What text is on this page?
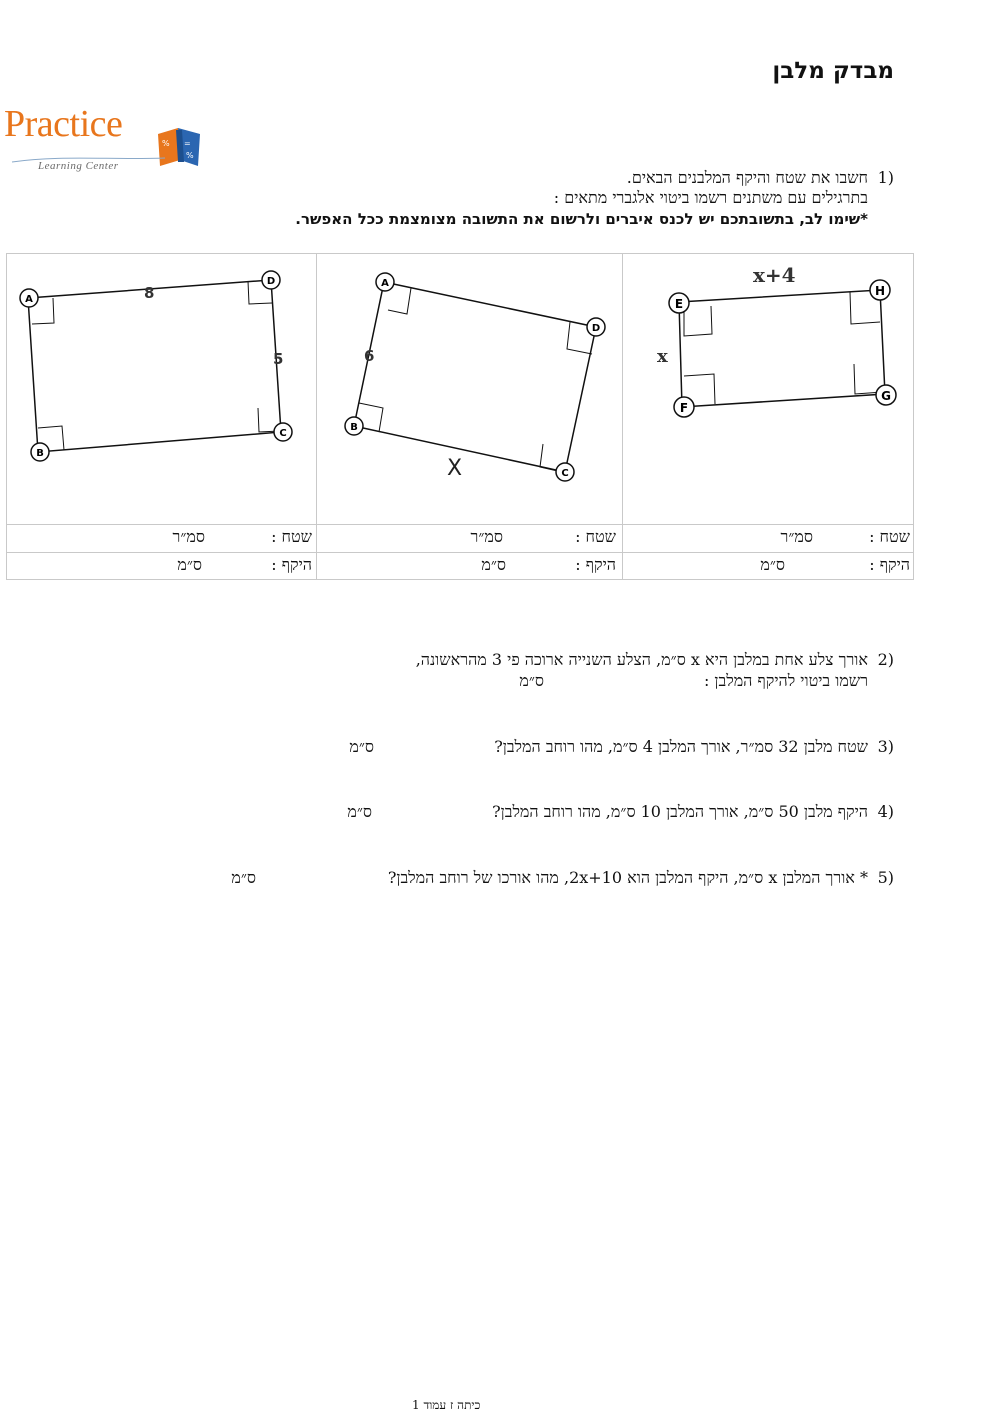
מבדק מלבן
% =
%
Practice
Learning Center
1)
חשבו את שטח והיקף המלבנים הבאים.
בתרגילים עם משתנים רשמו ביטוי אלגברי מתאים :
*שימו לב, בתשובתכם יש לכנס איברים ולרשום את התשובה מצומצמת ככל האפשר.
E
H
G
F
x+4
x
A
D
C
B
6
X
A
D
C
B
8
5
שטח :
סמ״ר
היקף :
ס״מ
שטח :
סמ״ר
היקף :
ס״מ
שטח :
סמ״ר
היקף :
ס״מ
2)
אורך צלע אחת במלבן היא x ס״מ, הצלע השנייה ארוכה פי 3 מהראשונה,
רשמו ביטוי להיקף המלבן :
ס״מ
3)
שטח מלבן 32 סמ״ר, אורך המלבן 4 ס״מ, מהו רוחב המלבן?
ס״מ
4)
היקף מלבן 50 ס״מ, אורך המלבן 10 ס״מ, מהו רוחב המלבן?
ס״מ
5)
* אורך המלבן x ס״מ, היקף המלבן הוא 2x+10, מהו אורכו של רוחב המלבן?
ס״מ
כיתה ז עמוד 1
